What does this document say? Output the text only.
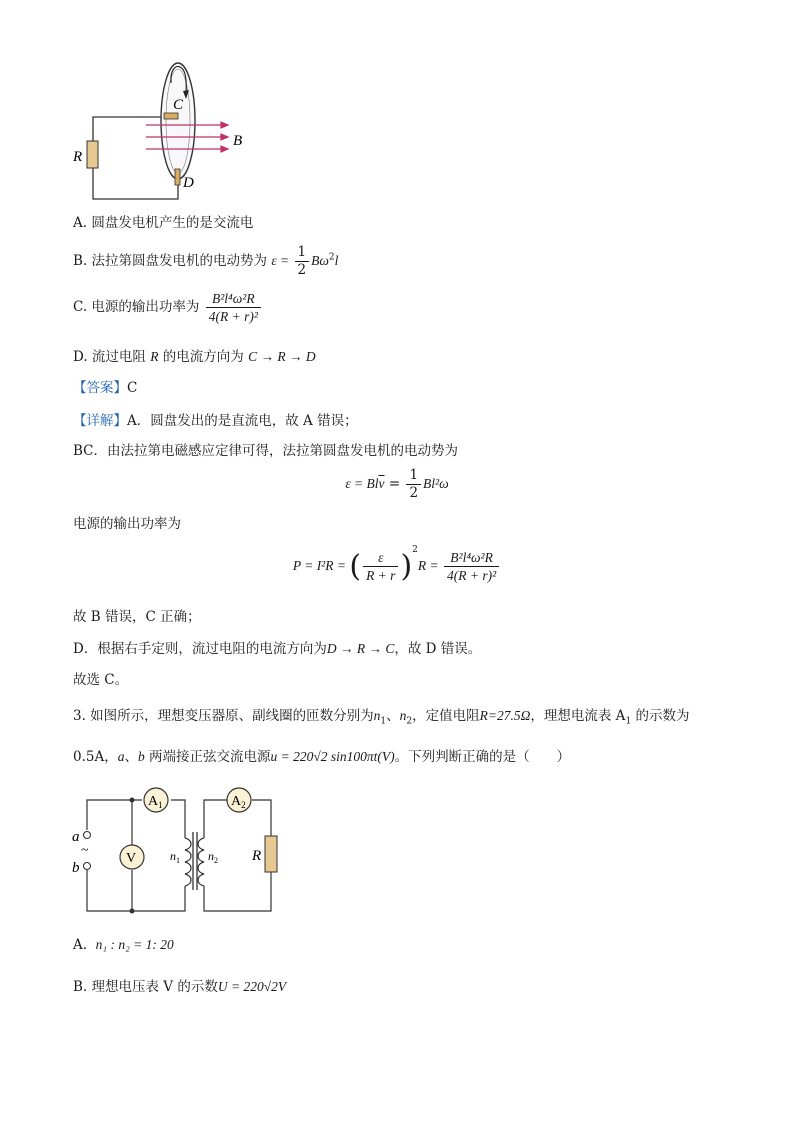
C
D
B
R
A. 圆盘发电机产生的是交流电
B. 法拉第圆盘发电机的电动势为 $\varepsilon = \frac{1}{2} B\omega^2l$
C. 电源的输出功率为 $\frac{\text{B²l⁴ω²R}}{\text{4(R + r)²}}$
D. 流过电阻 R 的电流方向为 C → R → D
【答案】C
【详解】A．圆盘发出的是直流电，故 A 错误；
BC．由法拉第电磁感应定律可得，法拉第圆盘发电机的电动势为
$\varepsilon = Bl\overline{v} = \frac{1}{2} Bl^2\omega$
电源的输出功率为
P = I²R = ( $\frac{\varepsilon}{R + r} )^2R = \frac{\text{B²l⁴ω²R}}{\text{4(R + r)²}}$
故 B 错误，C 正确；
D．根据右手定则，流过电阻的电流方向为D → R → C，故 D 错误。
故选 C。
3. 如图所示，理想变压器原、副线圈的匝数分别为$n_1$、$n_2$，定值电阻R=27.5Ω，理想电流表 $A_1$ 的示数为
0.5A，a、b 两端接正弦交流电源u = 220√2 sin100πt(V)。下列判断正确的是（　　）
V
$A_1$	$A_2$
a
~
b
$n_1$ $n_2$ R
A. n₁ : n₂ = 1: 20
B. 理想电压表 V 的示数U = 220√2V
